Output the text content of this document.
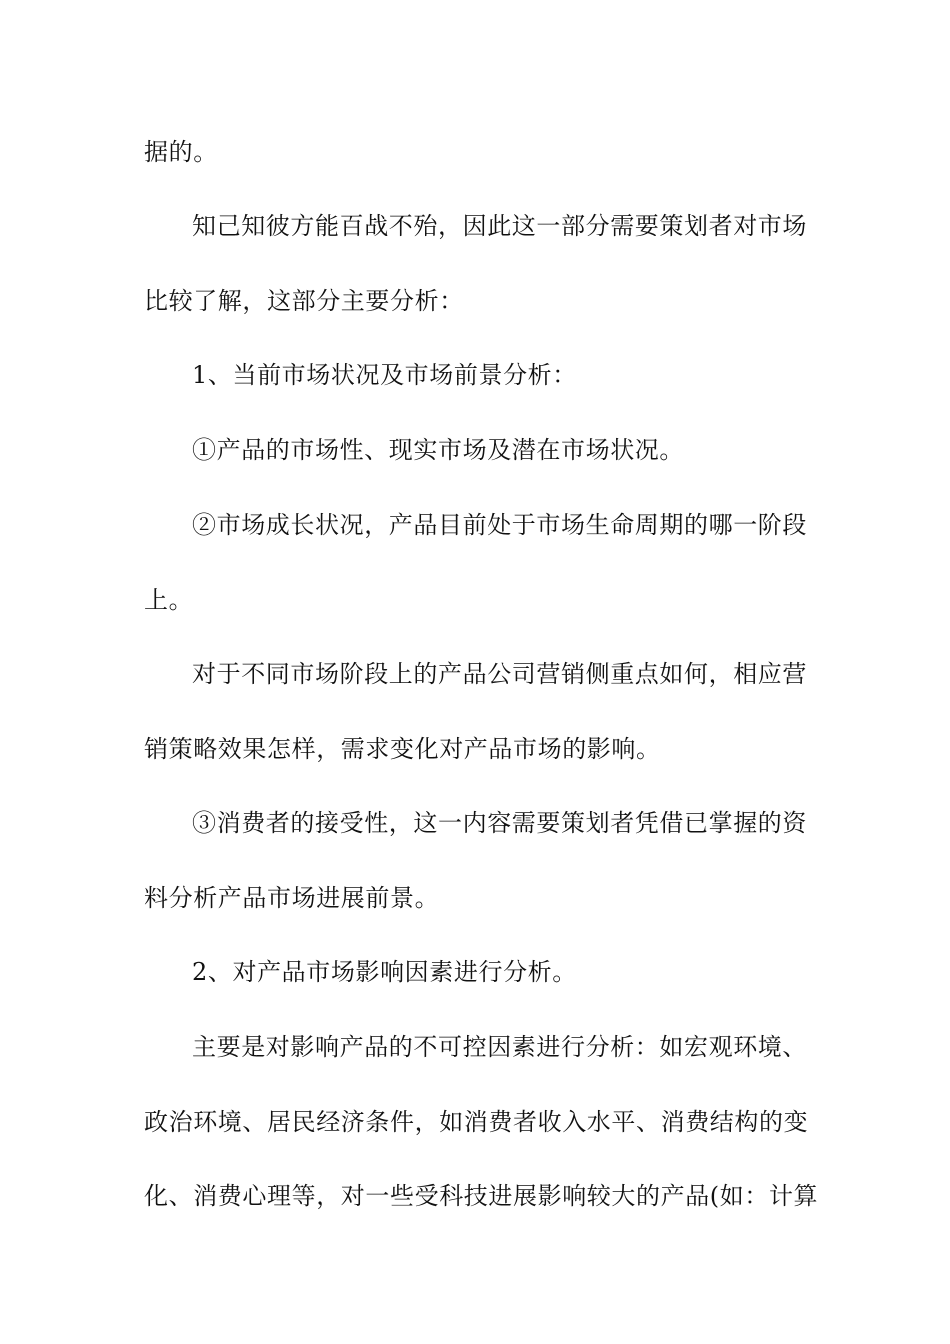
据的。
知己知彼方能百战不殆，因此这一部分需要策划者对市场
比较了解，这部分主要分析：
1、当前市场状况及市场前景分析：
①产品的市场性、现实市场及潜在市场状况。
②市场成长状况，产品目前处于市场生命周期的哪一阶段
上。
对于不同市场阶段上的产品公司营销侧重点如何，相应营
销策略效果怎样，需求变化对产品市场的影响。
③消费者的接受性，这一内容需要策划者凭借已掌握的资
料分析产品市场进展前景。
2、对产品市场影响因素进行分析。
主要是对影响产品的不可控因素进行分析：如宏观环境、
政治环境、居民经济条件，如消费者收入水平、消费结构的变
化、消费心理等，对一些受科技进展影响较大的产品(如：计算
